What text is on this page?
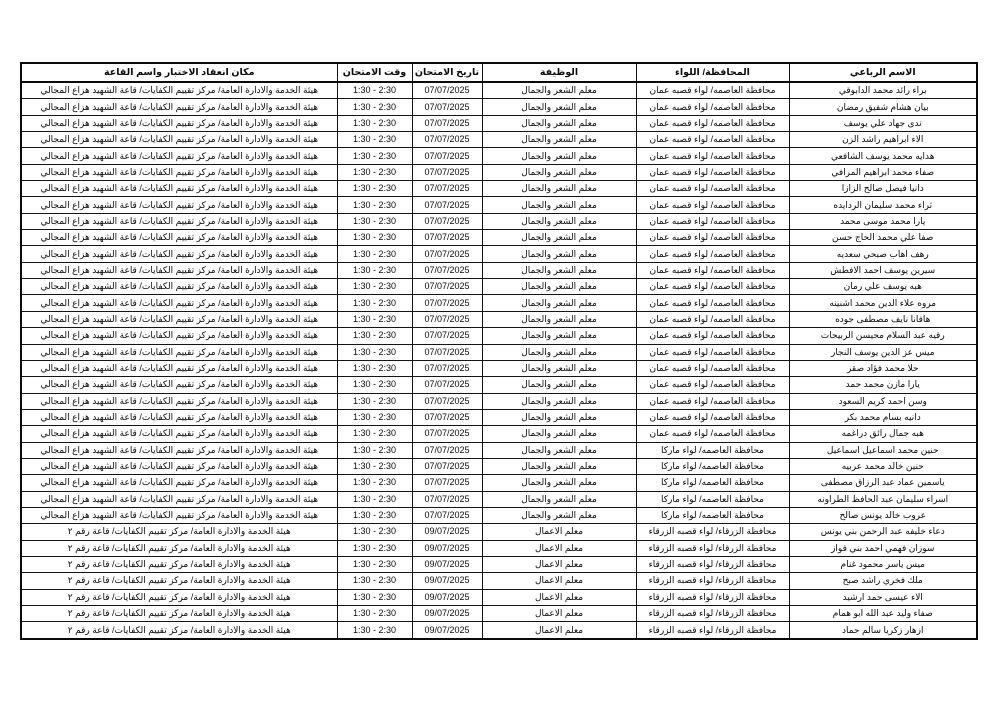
الاسم الرباعي	المحافظة/ اللواء	الوظيفة	تاريخ الامتحان	وقت الامتحان	مكان انعقاد الاختبار واسم القاعة
براء رائد محمد الدابوقي	محافظة العاصمه/ لواء قصبه عمان	معلم الشعر والجمال	07/07/2025	1:30 - 2:30	هيئة الخدمة والادارة العامة/ مركز تقييم الكفايات/ قاعة الشهيد هزاع المجالي
بيان هشام شفيق رمضان	محافظة العاصمه/ لواء قصبه عمان	معلم الشعر والجمال	07/07/2025	1:30 - 2:30	هيئة الخدمة والادارة العامة/ مركز تقييم الكفايات/ قاعة الشهيد هزاع المجالي
ندى جهاد علي يوسف	محافظة العاصمه/ لواء قصبه عمان	معلم الشعر والجمال	07/07/2025	1:30 - 2:30	هيئة الخدمة والادارة العامة/ مركز تقييم الكفايات/ قاعة الشهيد هزاع المجالي
الاء ابراهيم راشد الزن	محافظة العاصمه/ لواء قصبه عمان	معلم الشعر والجمال	07/07/2025	1:30 - 2:30	هيئة الخدمة والادارة العامة/ مركز تقييم الكفايات/ قاعة الشهيد هزاع المجالي
هدايه محمد يوسف الشافعي	محافظة العاصمه/ لواء قصبه عمان	معلم الشعر والجمال	07/07/2025	1:30 - 2:30	هيئة الخدمة والادارة العامة/ مركز تقييم الكفايات/ قاعة الشهيد هزاع المجالي
صفاء محمد ابراهيم المرافي	محافظة العاصمه/ لواء قصبه عمان	معلم الشعر والجمال	07/07/2025	1:30 - 2:30	هيئة الخدمة والادارة العامة/ مركز تقييم الكفايات/ قاعة الشهيد هزاع المجالي
دانيا فيصل صالح الزازا	محافظة العاصمه/ لواء قصبه عمان	معلم الشعر والجمال	07/07/2025	1:30 - 2:30	هيئة الخدمة والادارة العامة/ مركز تقييم الكفايات/ قاعة الشهيد هزاع المجالي
ثراء محمد سليمان الردايده	محافظة العاصمه/ لواء قصبه عمان	معلم الشعر والجمال	07/07/2025	1:30 - 2:30	هيئة الخدمة والادارة العامة/ مركز تقييم الكفايات/ قاعة الشهيد هزاع المجالي
يارا محمد موسى محمد	محافظة العاصمه/ لواء قصبه عمان	معلم الشعر والجمال	07/07/2025	1:30 - 2:30	هيئة الخدمة والادارة العامة/ مركز تقييم الكفايات/ قاعة الشهيد هزاع المجالي
صفا علي محمد الحاج حسن	محافظة العاصمه/ لواء قصبه عمان	معلم الشعر والجمال	07/07/2025	1:30 - 2:30	هيئة الخدمة والادارة العامة/ مركز تقييم الكفايات/ قاعة الشهيد هزاع المجالي
رهف اهاب صبحي سعديه	محافظة العاصمه/ لواء قصبه عمان	معلم الشعر والجمال	07/07/2025	1:30 - 2:30	هيئة الخدمة والادارة العامة/ مركز تقييم الكفايات/ قاعة الشهيد هزاع المجالي
سيرين يوسف احمد الافطش	محافظة العاصمه/ لواء قصبه عمان	معلم الشعر والجمال	07/07/2025	1:30 - 2:30	هيئة الخدمة والادارة العامة/ مركز تقييم الكفايات/ قاعة الشهيد هزاع المجالي
هبه يوسف علي رمان	محافظة العاصمه/ لواء قصبه عمان	معلم الشعر والجمال	07/07/2025	1:30 - 2:30	هيئة الخدمة والادارة العامة/ مركز تقييم الكفايات/ قاعة الشهيد هزاع المجالي
مروه علاء الدين محمد اشنينه	محافظة العاصمه/ لواء قصبه عمان	معلم الشعر والجمال	07/07/2025	1:30 - 2:30	هيئة الخدمة والادارة العامة/ مركز تقييم الكفايات/ قاعة الشهيد هزاع المجالي
هافانا نايف مصطفى جوده	محافظة العاصمه/ لواء قصبه عمان	معلم الشعر والجمال	07/07/2025	1:30 - 2:30	هيئة الخدمة والادارة العامة/ مركز تقييم الكفايات/ قاعة الشهيد هزاع المجالي
رقيه عبد السلام محيسن الربيحات	محافظة العاصمه/ لواء قصبه عمان	معلم الشعر والجمال	07/07/2025	1:30 - 2:30	هيئة الخدمة والادارة العامة/ مركز تقييم الكفايات/ قاعة الشهيد هزاع المجالي
ميس عز الدين يوسف النجار	محافظة العاصمه/ لواء قصبه عمان	معلم الشعر والجمال	07/07/2025	1:30 - 2:30	هيئة الخدمة والادارة العامة/ مركز تقييم الكفايات/ قاعة الشهيد هزاع المجالي
حلا محمد فؤاد صقر	محافظة العاصمه/ لواء قصبه عمان	معلم الشعر والجمال	07/07/2025	1:30 - 2:30	هيئة الخدمة والادارة العامة/ مركز تقييم الكفايات/ قاعة الشهيد هزاع المجالي
يارا مازن محمد حمد	محافظة العاصمه/ لواء قصبه عمان	معلم الشعر والجمال	07/07/2025	1:30 - 2:30	هيئة الخدمة والادارة العامة/ مركز تقييم الكفايات/ قاعة الشهيد هزاع المجالي
وسن احمد كريم السعود	محافظة العاصمه/ لواء قصبه عمان	معلم الشعر والجمال	07/07/2025	1:30 - 2:30	هيئة الخدمة والادارة العامة/ مركز تقييم الكفايات/ قاعة الشهيد هزاع المجالي
دانيه بسام محمد بكر	محافظة العاصمه/ لواء قصبه عمان	معلم الشعر والجمال	07/07/2025	1:30 - 2:30	هيئة الخدمة والادارة العامة/ مركز تقييم الكفايات/ قاعة الشهيد هزاع المجالي
هبه جمال رائق دراغمه	محافظة العاصمه/ لواء قصبه عمان	معلم الشعر والجمال	07/07/2025	1:30 - 2:30	هيئة الخدمة والادارة العامة/ مركز تقييم الكفايات/ قاعة الشهيد هزاع المجالي
حنين محمد اسماعيل اسماعيل	محافظة العاصمه/ لواء ماركا	معلم الشعر والجمال	07/07/2025	1:30 - 2:30	هيئة الخدمة والادارة العامة/ مركز تقييم الكفايات/ قاعة الشهيد هزاع المجالي
حنين خالد محمد عربيه	محافظة العاصمه/ لواء ماركا	معلم الشعر والجمال	07/07/2025	1:30 - 2:30	هيئة الخدمة والادارة العامة/ مركز تقييم الكفايات/ قاعة الشهيد هزاع المجالي
ياسمين عماد عبد الرزاق مصطفى	محافظة العاصمه/ لواء ماركا	معلم الشعر والجمال	07/07/2025	1:30 - 2:30	هيئة الخدمة والادارة العامة/ مركز تقييم الكفايات/ قاعة الشهيد هزاع المجالي
اسراء سليمان عبد الحافظ الطراونه	محافظة العاصمه/ لواء ماركا	معلم الشعر والجمال	07/07/2025	1:30 - 2:30	هيئة الخدمة والادارة العامة/ مركز تقييم الكفايات/ قاعة الشهيد هزاع المجالي
عروب خالد يونس صالح	محافظة العاصمه/ لواء ماركا	معلم الشعر والجمال	07/07/2025	1:30 - 2:30	هيئة الخدمة والادارة العامة/ مركز تقييم الكفايات/ قاعة الشهيد هزاع المجالي
دعاء خليفه عبد الرحمن بني يونس	محافظة الزرقاء/ لواء قصبه الزرقاء	معلم الاعمال	09/07/2025	1:30 - 2:30	هيئة الخدمة والادارة العامة/ مركز تقييم الكفايات/ قاعة رقم ٢
سوزان فهمي احمد بني فواز	محافظة الزرقاء/ لواء قصبه الزرقاء	معلم الاعمال	09/07/2025	1:30 - 2:30	هيئة الخدمة والادارة العامة/ مركز تقييم الكفايات/ قاعة رقم ٢
ميس ياسر محمود غنام	محافظة الزرقاء/ لواء قصبه الزرقاء	معلم الاعمال	09/07/2025	1:30 - 2:30	هيئة الخدمة والادارة العامة/ مركز تقييم الكفايات/ قاعة رقم ٢
ملك فخري راشد صبح	محافظة الزرقاء/ لواء قصبه الزرقاء	معلم الاعمال	09/07/2025	1:30 - 2:30	هيئة الخدمة والادارة العامة/ مركز تقييم الكفايات/ قاعة رقم ٢
الاء عيسى حمد ارشيد	محافظة الزرقاء/ لواء قصبه الزرقاء	معلم الاعمال	09/07/2025	1:30 - 2:30	هيئة الخدمة والادارة العامة/ مركز تقييم الكفايات/ قاعة رقم ٢
صفاء وليد عبد الله ابو همام	محافظة الزرقاء/ لواء قصبه الزرقاء	معلم الاعمال	09/07/2025	1:30 - 2:30	هيئة الخدمة والادارة العامة/ مركز تقييم الكفايات/ قاعة رقم ٢
ازهار زكريا سالم حماد	محافظة الزرقاء/ لواء قصبه الزرقاء	معلم الاعمال	09/07/2025	1:30 - 2:30	هيئة الخدمة والادارة العامة/ مركز تقييم الكفايات/ قاعة رقم ٢
